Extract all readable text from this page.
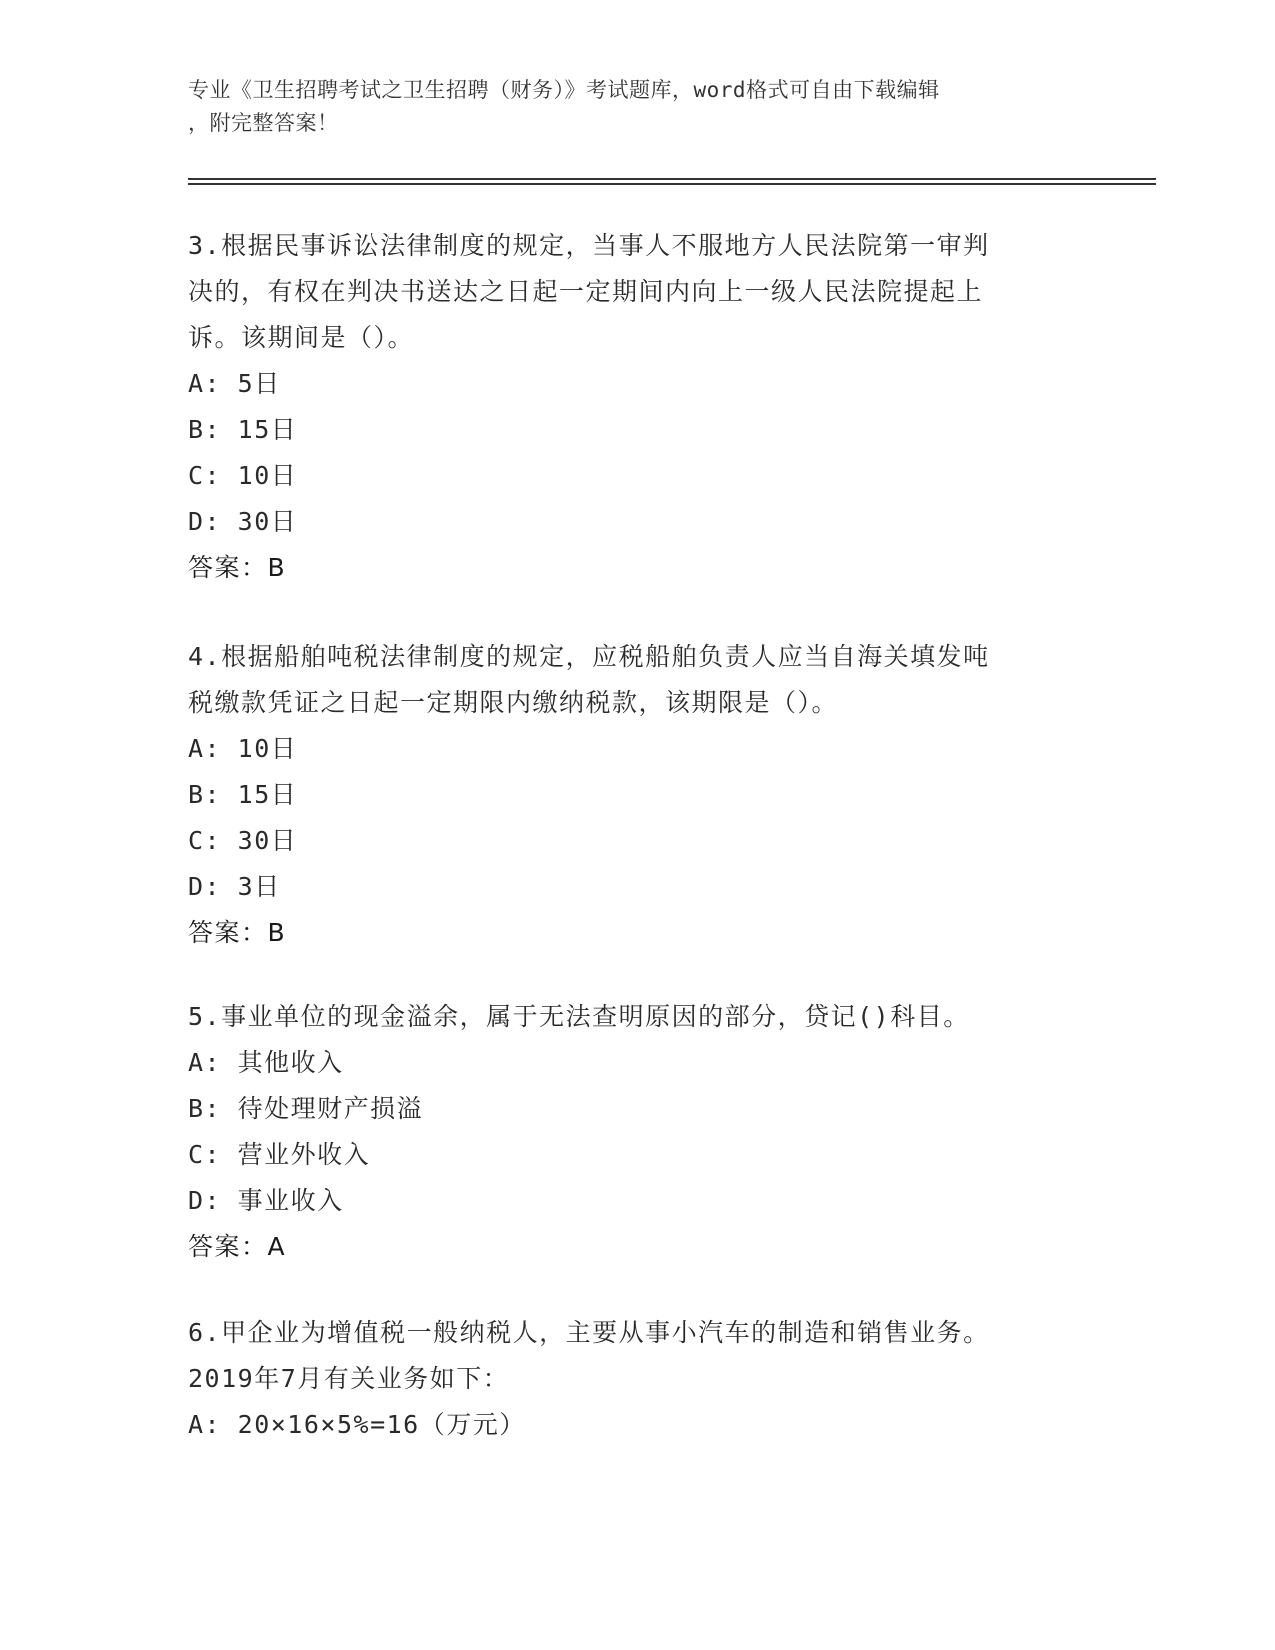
专业《卫生招聘考试之卫生招聘（财务）》考试题库，word格式可自由下载编辑
，附完整答案！
3.根据民事诉讼法律制度的规定，当事人不服地方人民法院第一审判
决的，有权在判决书送达之日起一定期间内向上一级人民法院提起上
诉。该期间是（）。
A: 5日
B: 15日
C: 10日
D: 30日
答案：B
4.根据船舶吨税法律制度的规定，应税船舶负责人应当自海关填发吨
税缴款凭证之日起一定期限内缴纳税款，该期限是（）。
A: 10日
B: 15日
C: 30日
D: 3日
答案：B
5.事业单位的现金溢余，属于无法查明原因的部分，贷记()科目。
A: 其他收入
B: 待处理财产损溢
C: 营业外收入
D: 事业收入
答案：A
6.甲企业为增值税一般纳税人，主要从事小汽车的制造和销售业务。
2019年7月有关业务如下：
A: 20×16×5%=16（万元）
